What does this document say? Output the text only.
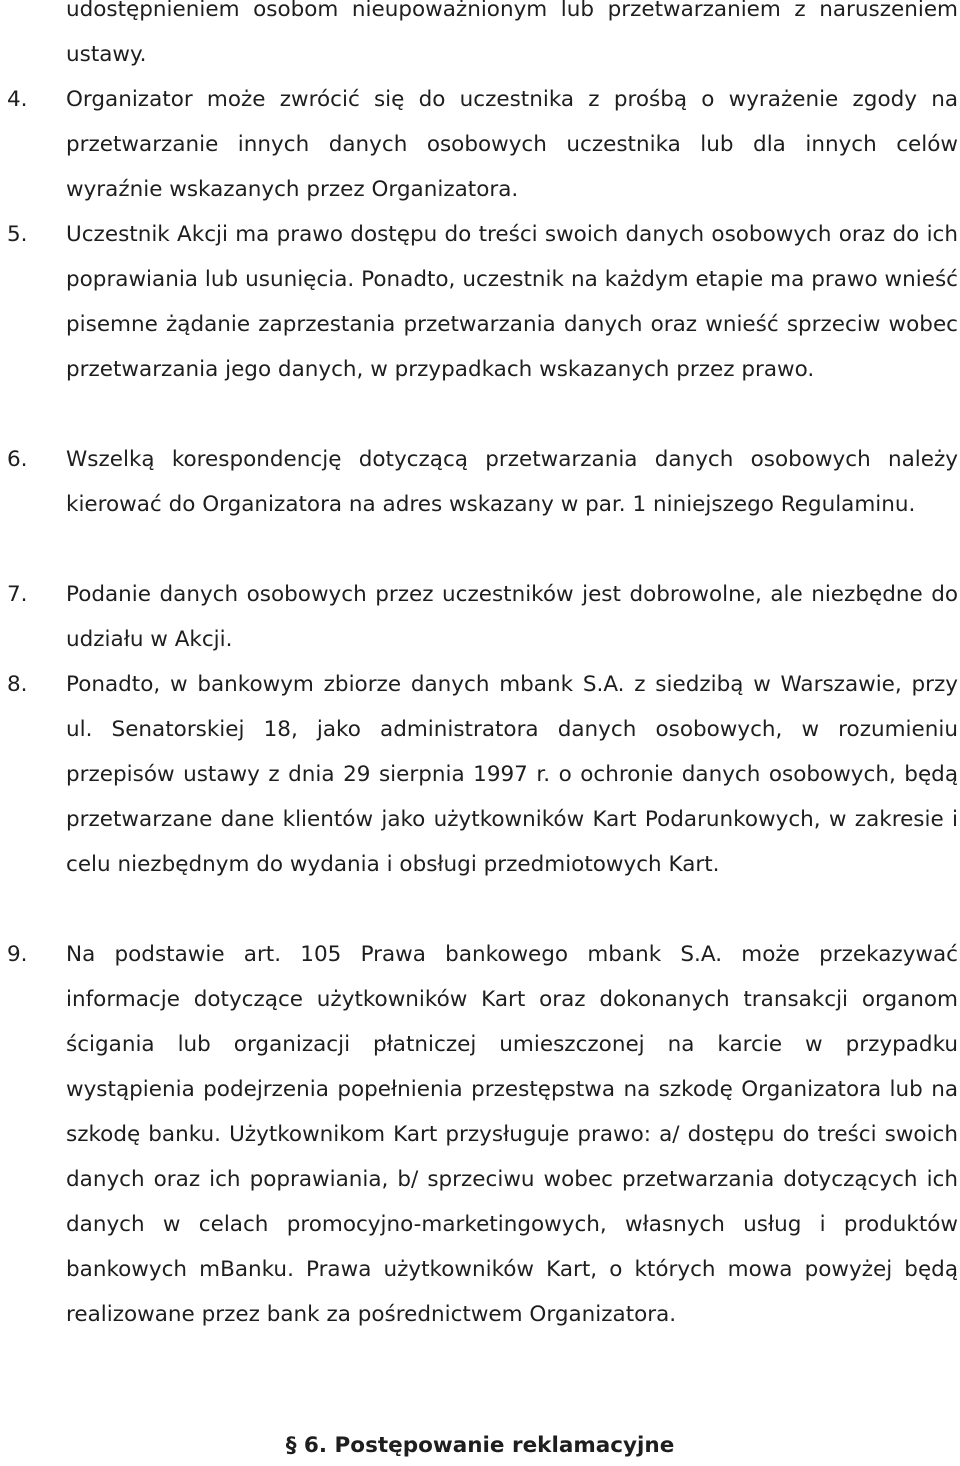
udostępnieniem osobom nieupoważnionym lub przetwarzaniem z naruszeniem ustawy.

4. Organizator może zwrócić się do uczestnika z prośbą o wyrażenie zgody na przetwarzanie innych danych osobowych uczestnika lub dla innych celów wyraźnie wskazanych przez Organizatora.

5. Uczestnik Akcji ma prawo dostępu do treści swoich danych osobowych oraz do ich poprawiania lub usunięcia. Ponadto, uczestnik na każdym etapie ma prawo wnieść pisemne żądanie zaprzestania przetwarzania danych oraz wnieść sprzeciw wobec przetwarzania jego danych, w przypadkach wskazanych przez prawo.

6. Wszelką korespondencję dotyczącą przetwarzania danych osobowych należy kierować do Organizatora na adres wskazany w par. 1 niniejszego Regulaminu.

7. Podanie danych osobowych przez uczestników jest dobrowolne, ale niezbędne do udziału w Akcji.

8. Ponadto, w bankowym zbiorze danych mbank S.A. z siedzibą w Warszawie, przy ul. Senatorskiej 18, jako administratora danych osobowych, w rozumieniu przepisów ustawy z dnia 29 sierpnia 1997 r. o ochronie danych osobowych, będą przetwarzane dane klientów jako użytkowników Kart Podarunkowych, w zakresie i celu niezbędnym do wydania i obsługi przedmiotowych Kart.

9. Na podstawie art. 105 Prawa bankowego mbank S.A. może przekazywać informacje dotyczące użytkowników Kart oraz dokonanych transakcji organom ścigania lub organizacji płatniczej umieszczonej na karcie w przypadku wystąpienia podejrzenia popełnienia przestępstwa na szkodę Organizatora lub na szkodę banku. Użytkownikom Kart przysługuje prawo: a/ dostępu do treści swoich danych oraz ich poprawiania, b/ sprzeciwu wobec przetwarzania dotyczących ich danych w celach promocyjno-marketingowych, własnych usług i produktów bankowych mBanku. Prawa użytkowników Kart, o których mowa powyżej będą realizowane przez bank za pośrednictwem Organizatora.

§ 6. Postępowanie reklamacyjne
